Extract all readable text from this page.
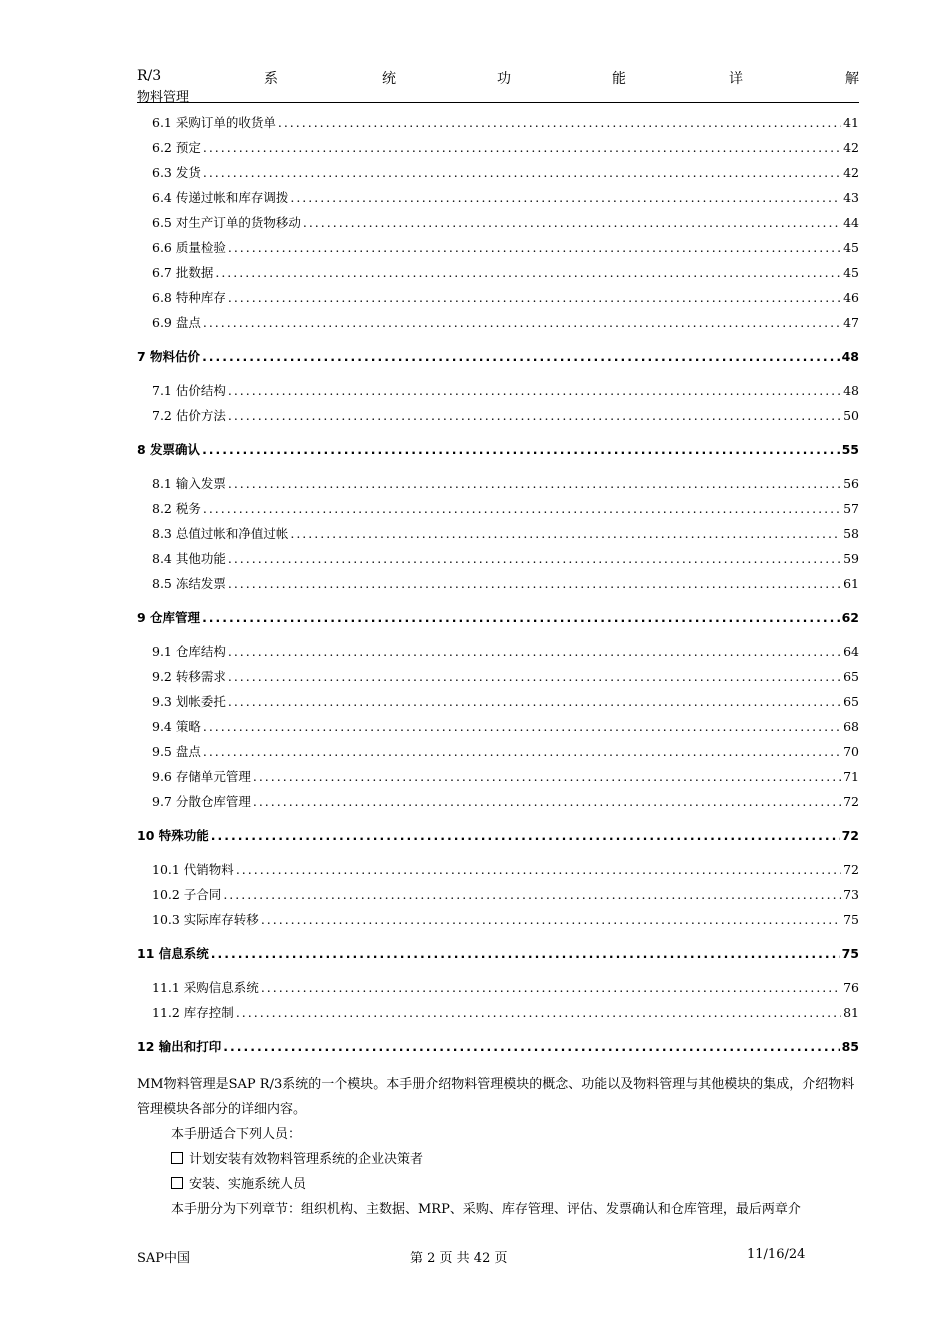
R/3	系	统	功	能	详	解
物料管理
6.1 采购订单的收货单 .....	41
6.2 预定 .....	42
6.3 发货 .....	42
6.4 传递过帐和库存调拨 .....	43
6.5 对生产订单的货物移动 .....	44
6.6 质量检验 .....	45
6.7 批数据 .....	45
6.8 特种库存 .....	46
6.9 盘点 .....	47
7 物料估价 .....	48
7.1 估价结构 .....	48
7.2 估价方法 .....	50
8 发票确认 .....	55
8.1 输入发票 .....	56
8.2 税务 .....	57
8.3 总值过帐和净值过帐 .....	58
8.4 其他功能 .....	59
8.5 冻结发票 .....	61
9 仓库管理 .....	62
9.1 仓库结构 .....	64
9.2 转移需求 .....	65
9.3 划帐委托 .....	65
9.4 策略 .....	68
9.5 盘点 .....	70
9.6 存储单元管理 .....	71
9.7 分散仓库管理 .....	72
10 特殊功能 .....	72
10.1 代销物料 .....	72
10.2 子合同 .....	73
10.3 实际库存转移 .....	75
11 信息系统 .....	75
11.1 采购信息系统 .....	76
11.2 库存控制 .....	81
12 输出和打印 .....	85

MM物料管理是SAP R/3系统的一个模块。本手册介绍物料管理模块的概念、功能以及物料管理与其他模块的集成，介绍物料管理模块各部分的详细内容。

本手册适合下列人员：

计划安装有效物料管理系统的企业决策者

安装、实施系统人员

本手册分为下列章节：组织机构、主数据、MRP、采购、库存管理、评估、发票确认和仓库管理，最后两章介

SAP中国	第 2 页 共 42 页	11/16/24
